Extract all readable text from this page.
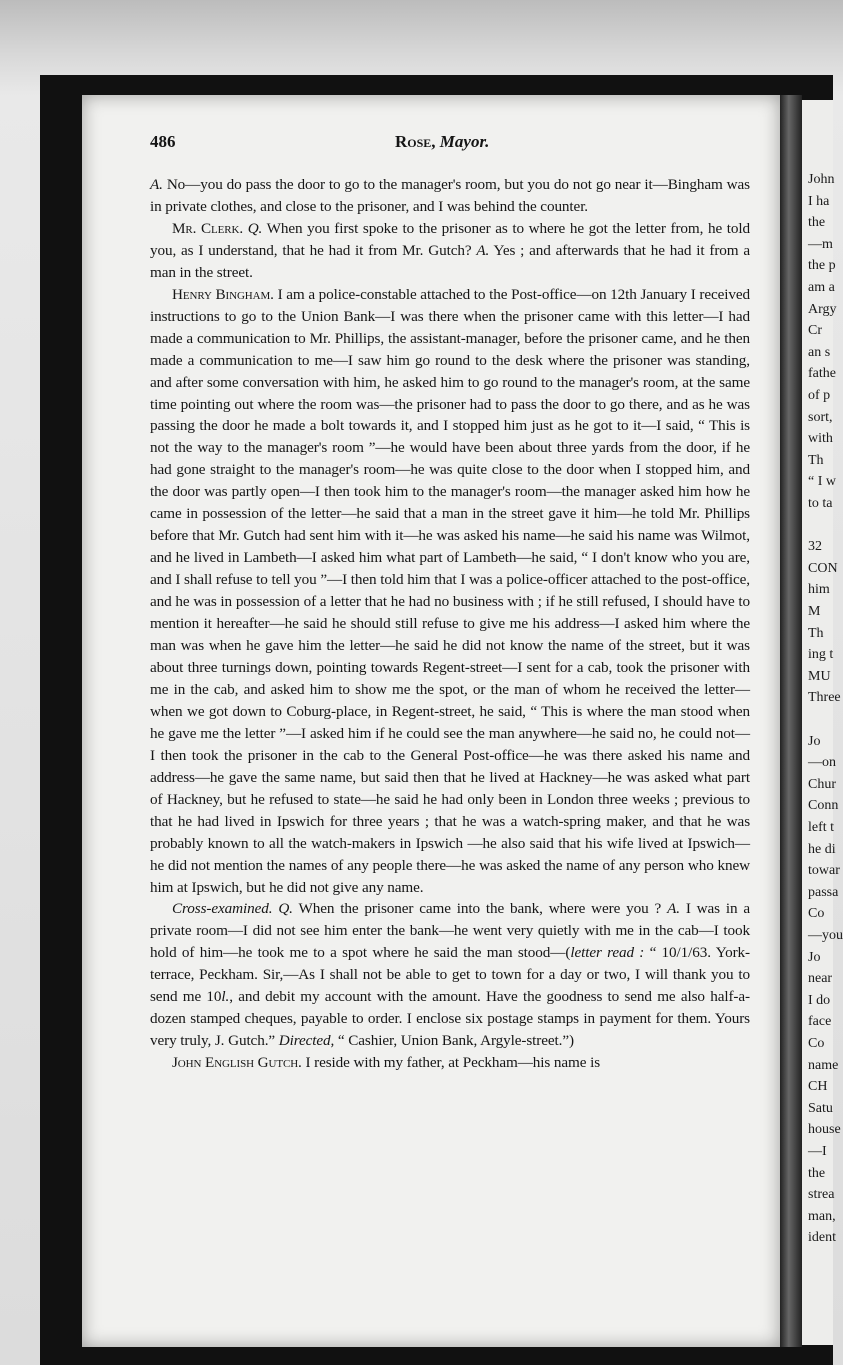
John
I ha
the
—m
the p
am a
Argy
Cr
an s
fathe
of p
sort,
with
Th
“ I w
to ta
32
CON
him
M
Th
ing t
MU
Three
Jo
—on
Chur
Conn
left t
he di
towar
passa
Co
—you
Jo
near
I do
face
Co
name
CH
Satu
house
—I
the
strea
man,
ident
486	Rose, Mayor.

A. No—you do pass the door to go to the manager's room, but you do not go near it—Bingham was in private clothes, and close to the prisoner, and I was behind the counter.

Mr. Clerk. Q. When you first spoke to the prisoner as to where he got the letter from, he told you, as I understand, that he had it from Mr. Gutch? A. Yes ; and afterwards that he had it from a man in the street.

Henry Bingham. I am a police-constable attached to the Post-office—on 12th January I received instructions to go to the Union Bank—I was there when the prisoner came with this letter—I had made a communication to Mr. Phillips, the assistant-manager, before the prisoner came, and he then made a communication to me—I saw him go round to the desk where the prisoner was standing, and after some conversation with him, he asked him to go round to the manager's room, at the same time pointing out where the room was—the prisoner had to pass the door to go there, and as he was passing the door he made a bolt towards it, and I stopped him just as he got to it—I said, “ This is not the way to the manager's room ”—he would have been about three yards from the door, if he had gone straight to the manager's room—he was quite close to the door when I stopped him, and the door was partly open—I then took him to the manager's room—the manager asked him how he came in possession of the letter—he said that a man in the street gave it him—he told Mr. Phillips before that Mr. Gutch had sent him with it—he was asked his name—he said his name was Wilmot, and he lived in Lambeth—I asked him what part of Lambeth—he said, “ I don't know who you are, and I shall refuse to tell you ”—I then told him that I was a police-officer attached to the post-office, and he was in possession of a letter that he had no business with ; if he still refused, I should have to mention it hereafter—he said he should still refuse to give me his address—I asked him where the man was when he gave him the letter—he said he did not know the name of the street, but it was about three turnings down, pointing towards Regent-street—I sent for a cab, took the prisoner with me in the cab, and asked him to show me the spot, or the man of whom he received the letter—when we got down to Coburg-place, in Regent-street, he said, “ This is where the man stood when he gave me the letter ”—I asked him if he could see the man anywhere—he said no, he could not—I then took the prisoner in the cab to the General Post-office—he was there asked his name and address—he gave the same name, but said then that he lived at Hackney—he was asked what part of Hackney, but he refused to state—he said he had only been in London three weeks ; previous to that he had lived in Ipswich for three years ; that he was a watch-spring maker, and that he was probably known to all the watch-makers in Ipswich —he also said that his wife lived at Ipswich—he did not mention the names of any people there—he was asked the name of any person who knew him at Ipswich, but he did not give any name.

Cross-examined. Q. When the prisoner came into the bank, where were you ? A. I was in a private room—I did not see him enter the bank—he went very quietly with me in the cab—I took hold of him—he took me to a spot where he said the man stood—(letter read : “ 10/1/63. York-terrace, Peckham. Sir,—As I shall not be able to get to town for a day or two, I will thank you to send me 10l., and debit my account with the amount. Have the goodness to send me also half-a-dozen stamped cheques, payable to order. I enclose six postage stamps in payment for them. Yours very truly, J. Gutch.” Directed, “ Cashier, Union Bank, Argyle-street.”)

John English Gutch. I reside with my father, at Peckham—his name is
